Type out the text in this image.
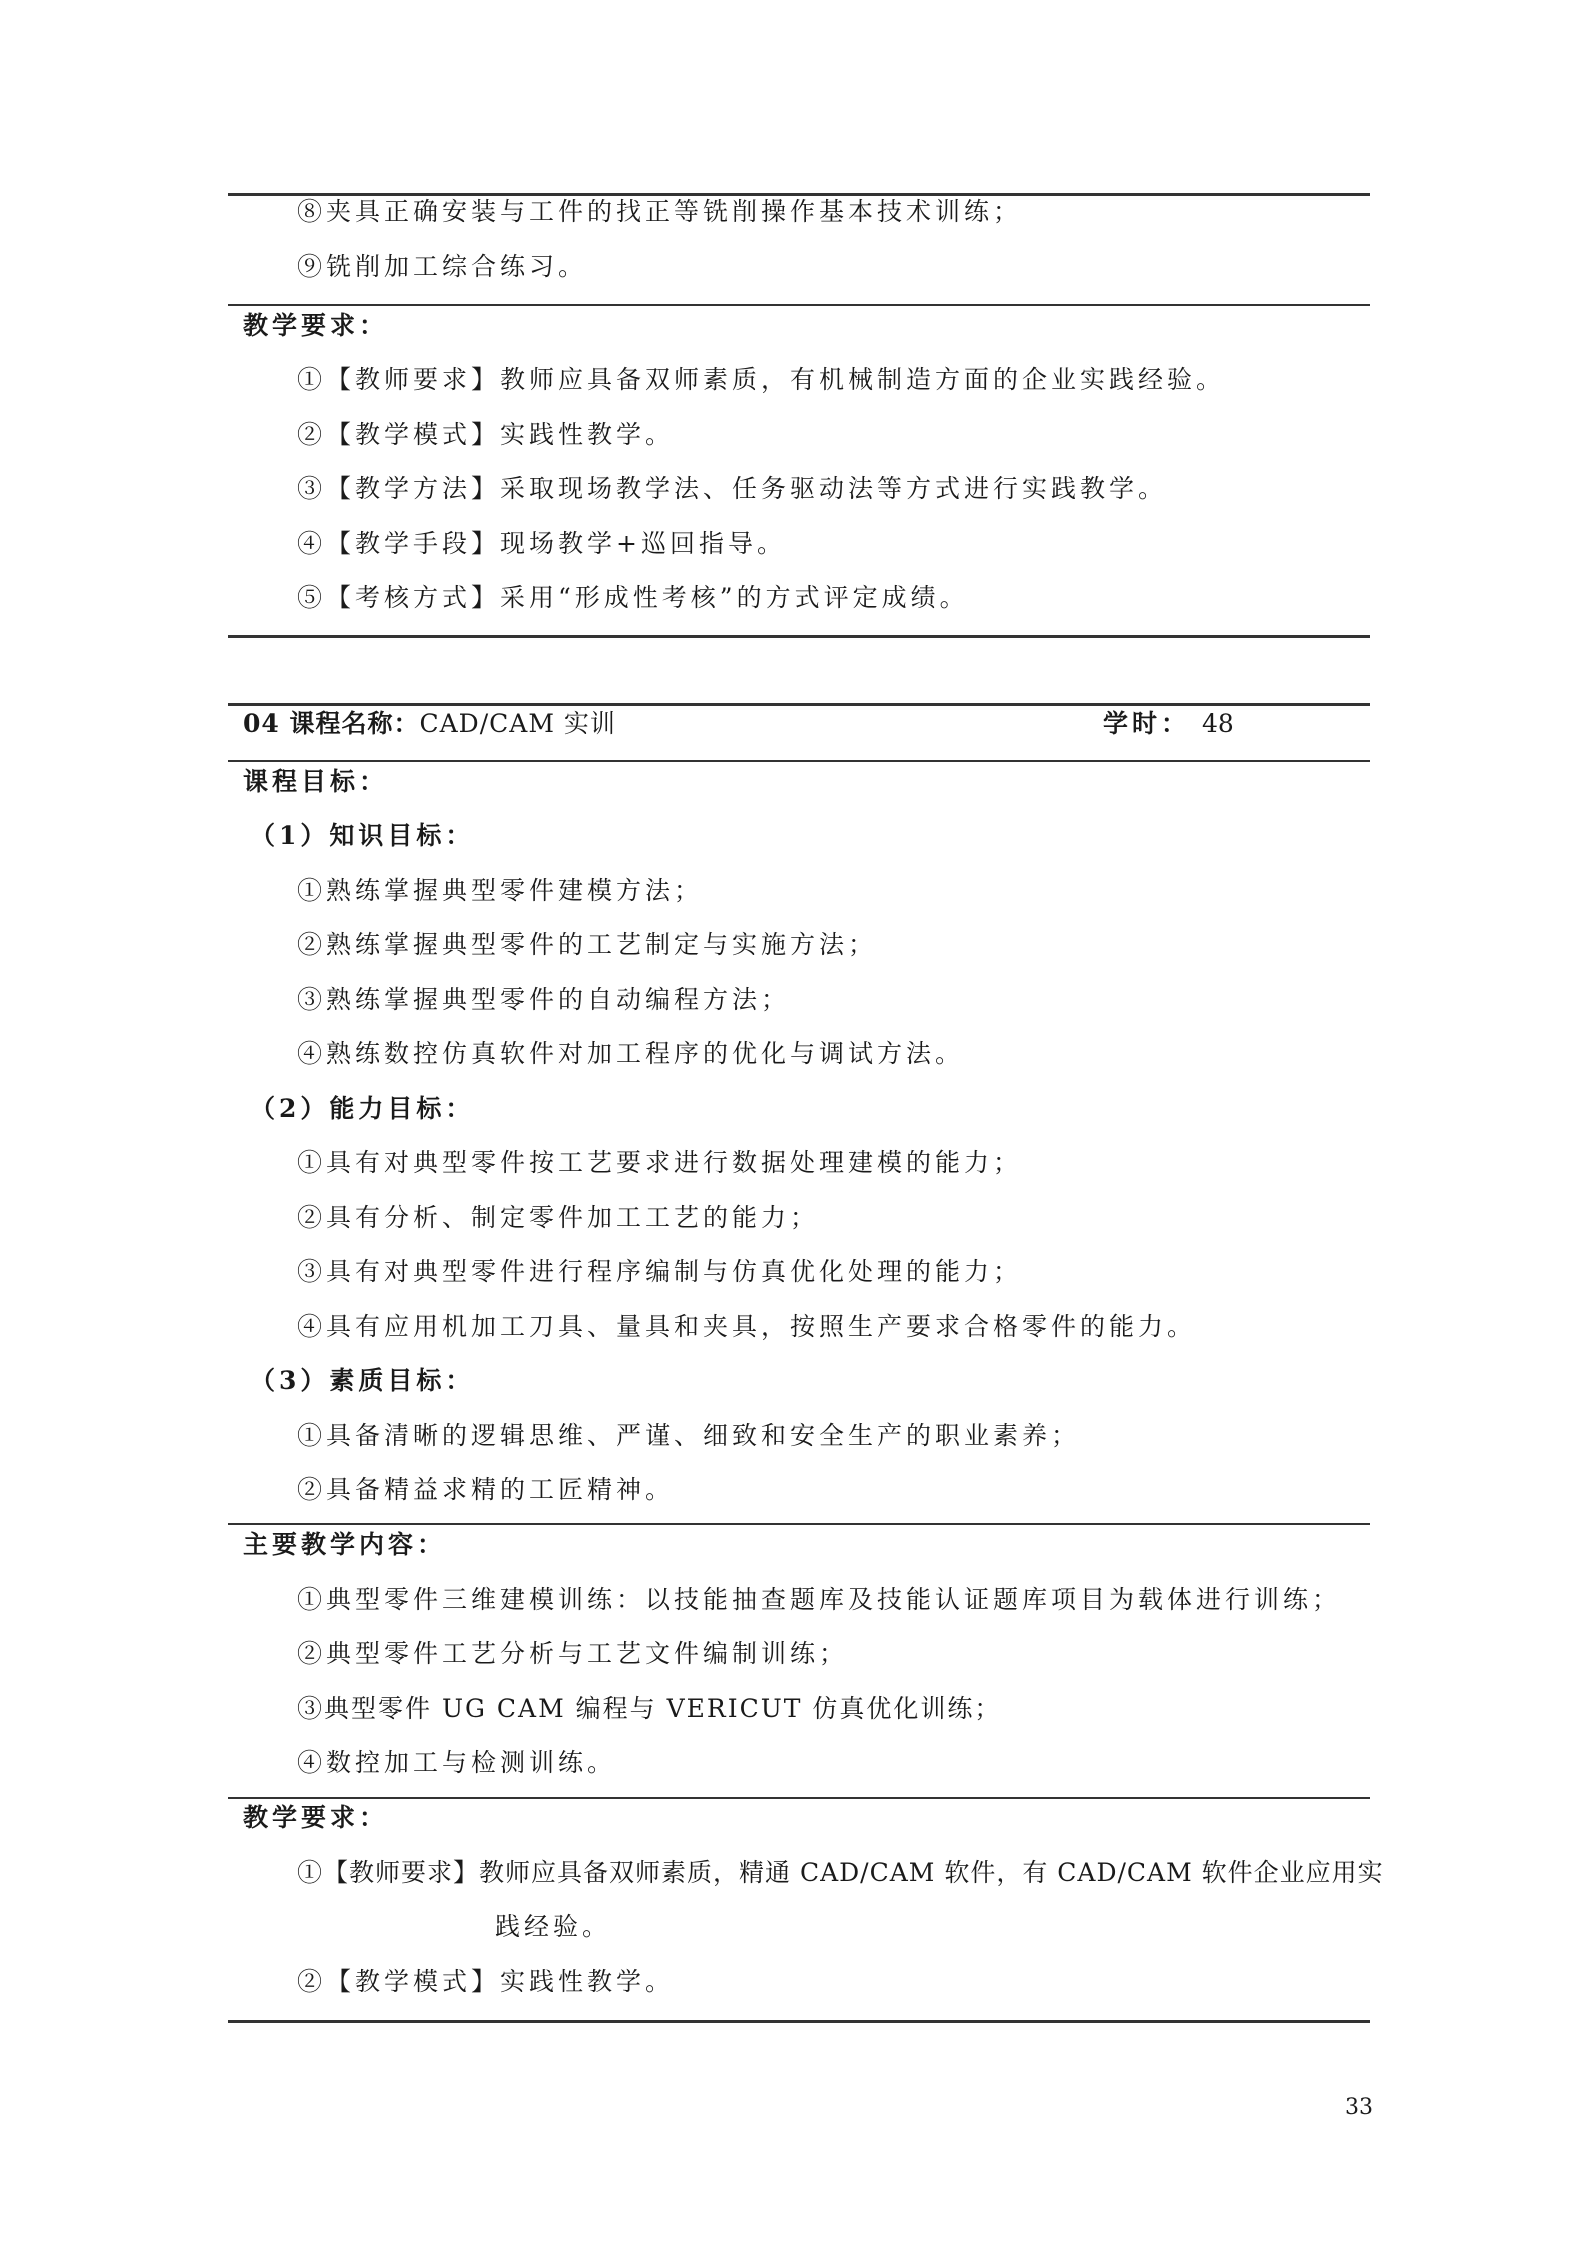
⑧夹具正确安装与工件的找正等铣削操作基本技术训练；
⑨铣削加工综合练习。
教学要求：
①【教师要求】教师应具备双师素质，有机械制造方面的企业实践经验。
②【教学模式】实践性教学。
③【教学方法】采取现场教学法、任务驱动法等方式进行实践教学。
④【教学手段】现场教学+巡回指导。
⑤【考核方式】采用“形成性考核”的方式评定成绩。
04 课程名称：CAD/CAM 实训	学时： 48
课程目标：
（1）知识目标：
①熟练掌握典型零件建模方法；
②熟练掌握典型零件的工艺制定与实施方法；
③熟练掌握典型零件的自动编程方法；
④熟练数控仿真软件对加工程序的优化与调试方法。
（2）能力目标：
①具有对典型零件按工艺要求进行数据处理建模的能力；
②具有分析、制定零件加工工艺的能力；
③具有对典型零件进行程序编制与仿真优化处理的能力；
④具有应用机加工刀具、量具和夹具，按照生产要求合格零件的能力。
（3）素质目标：
①具备清晰的逻辑思维、严谨、细致和安全生产的职业素养；
②具备精益求精的工匠精神。
主要教学内容：
①典型零件三维建模训练：以技能抽查题库及技能认证题库项目为载体进行训练；
②典型零件工艺分析与工艺文件编制训练；
③典型零件 UG CAM 编程与 VERICUT 仿真优化训练；
④数控加工与检测训练。
教学要求：
①【教师要求】教师应具备双师素质，精通 CAD/CAM 软件，有 CAD/CAM 软件企业应用实
践经验。
②【教学模式】实践性教学。
33
